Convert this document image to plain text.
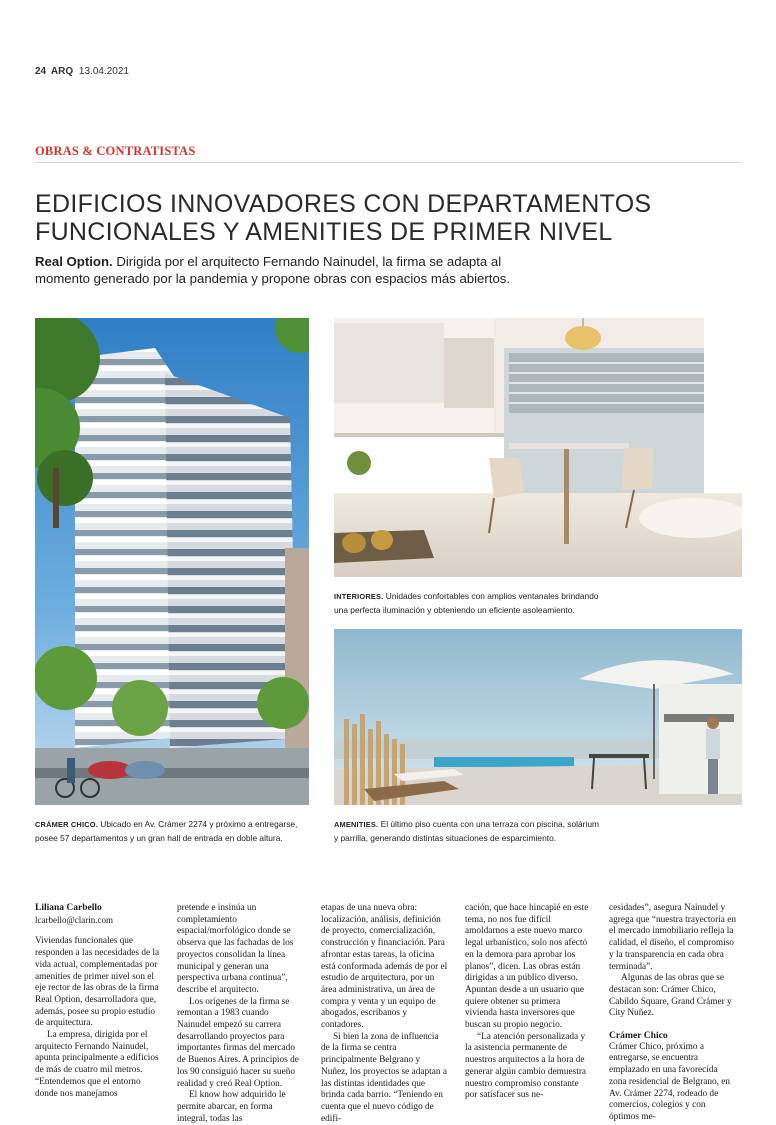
24 ARQ 13.04.2021
OBRAS & CONTRATISTAS
EDIFICIOS INNOVADORES CON DEPARTAMENTOS
FUNCIONALES Y AMENITIES DE PRIMER NIVEL
Real Option. Dirigida por el arquitecto Fernando Nainudel, la firma se adapta al
momento generado por la pandemia y propone obras con espacios más abiertos.
INTERIORES. Unidades confortables con amplios ventanales brindando
una perfecta iluminación y obteniendo un eficiente asoleamiento.
CRÁMER CHICO. Ubicado en Av. Crámer 2274 y próximo a entregarse,
posee 57 departamentos y un gran hall de entrada en doble altura.
AMENITIES. El último piso cuenta con una terraza con piscina, solárium
y parrilla, generando distintas situaciones de esparcimiento.
Liliana Carbello

lcarbello@clarin.com

Viviendas funcionales que responden a las necesidades de la vida actual, complementadas por amenities de primer nivel son el eje rector de las obras de la firma Real Option, desarrolladora que, además, posee su propio estudio de arquitectura.

La empresa, dirigida por el arquitecto Fernando Nainudel, apunta principalmente a edificios de más de cuatro mil metros. “Entendemos que el entorno donde nos manejamos

pretende e insinúa un completamiento espacial/morfológico donde se observa que las fachadas de los proyectos consolidan la línea municipal y generan una perspectiva urbana continua”, describe el arquitecto.

Los orígenes de la firma se remontan a 1983 cuando Nainudel empezó su carrera desarrollando proyectos para importantes firmas del mercado de Buenos Aires. A principios de los 90 consiguió hacer su sueño realidad y creó Real Option.

El know how adquirido le permite abarcar, en forma integral, todas las

etapas de una nueva obra: localización, análisis, definición de proyecto, comercialización, construcción y financiación. Para afrontar estas tareas, la oficina está conformada además de por el estudio de arquitectura, por un área administrativa, un área de compra y venta y un equipo de abogados, escribanos y contadores.

Si bien la zona de influencia de la firma se centra principalmente Belgrano y Nuñez, los proyectos se adaptan a las distintas identidades que brinda cada barrio. “Teniendo en cuenta que el nuevo código de edifi-

cación, que hace hincapié en este tema, no nos fue difícil amoldarnos a este nuevo marco legal urbanístico, solo nos afectó en la demora para aprobar los planos”, dicen. Las obras están dirigidas a un público diverso. Apuntan desde a un usuario que quiere obtener su primera vivienda hasta inversores que buscan su propio negocio.

“La atención personalizada y la asistencia permanente de nuestros arquitectos a la hora de generar algún cambio demuestra nuestro compromiso constante por satisfacer sus ne-

cesidades”, asegura Nainudel y agrega que “nuestra trayectoria en el mercado inmobiliario refleja la calidad, el diseño, el compromiso y la transparencia en cada obra terminada”.

Algunas de las obras que se destacan son: Crámer Chico, Cabildo Square, Grand Crámer y City Nuñez.

Crámer Chico

Crámer Chico, próximo a entregarse, se encuentra emplazado en una favorecida zona residencial de Belgrano, en Av. Crámer 2274, rodeado de comercios, colegios y con óptimos me-
